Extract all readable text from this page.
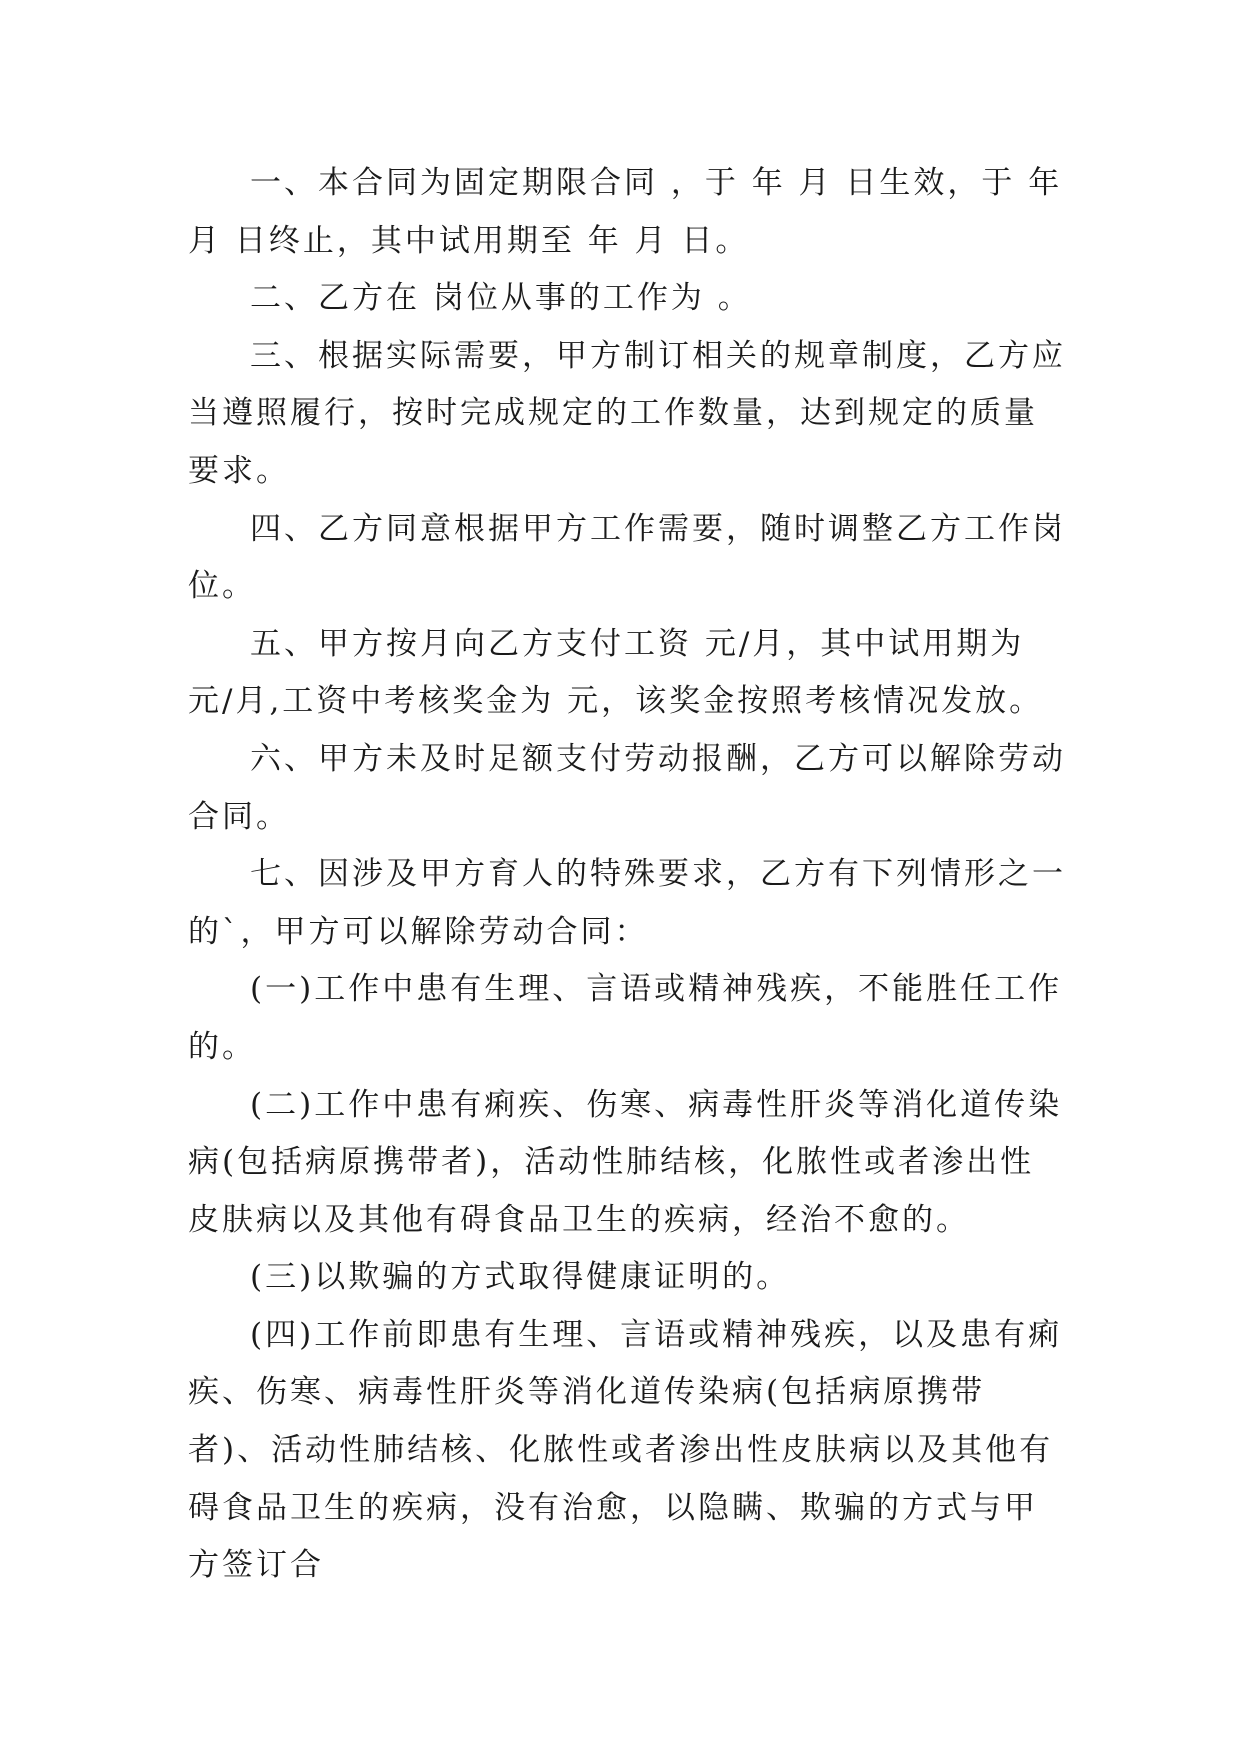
一、本合同为固定期限合同 ，于 年 月 日生效，于 年 月 日终止，其中试用期至 年 月 日。

二、乙方在 岗位从事的工作为 。

三、根据实际需要，甲方制订相关的规章制度，乙方应当遵照履行，按时完成规定的工作数量，达到规定的质量要求。

四、乙方同意根据甲方工作需要，随时调整乙方工作岗位。

五、甲方按月向乙方支付工资 元/月，其中试用期为 元/月,工资中考核奖金为 元，该奖金按照考核情况发放。

六、甲方未及时足额支付劳动报酬，乙方可以解除劳动合同。

七、因涉及甲方育人的特殊要求，乙方有下列情形之一的`，甲方可以解除劳动合同：

(一)工作中患有生理、言语或精神残疾，不能胜任工作的。

(二)工作中患有痢疾、伤寒、病毒性肝炎等消化道传染病(包括病原携带者)，活动性肺结核，化脓性或者渗出性皮肤病以及其他有碍食品卫生的疾病，经治不愈的。

(三)以欺骗的方式取得健康证明的。

(四)工作前即患有生理、言语或精神残疾，以及患有痢疾、伤寒、病毒性肝炎等消化道传染病(包括病原携带者)、活动性肺结核、化脓性或者渗出性皮肤病以及其他有碍食品卫生的疾病，没有治愈，以隐瞒、欺骗的方式与甲方签订合
